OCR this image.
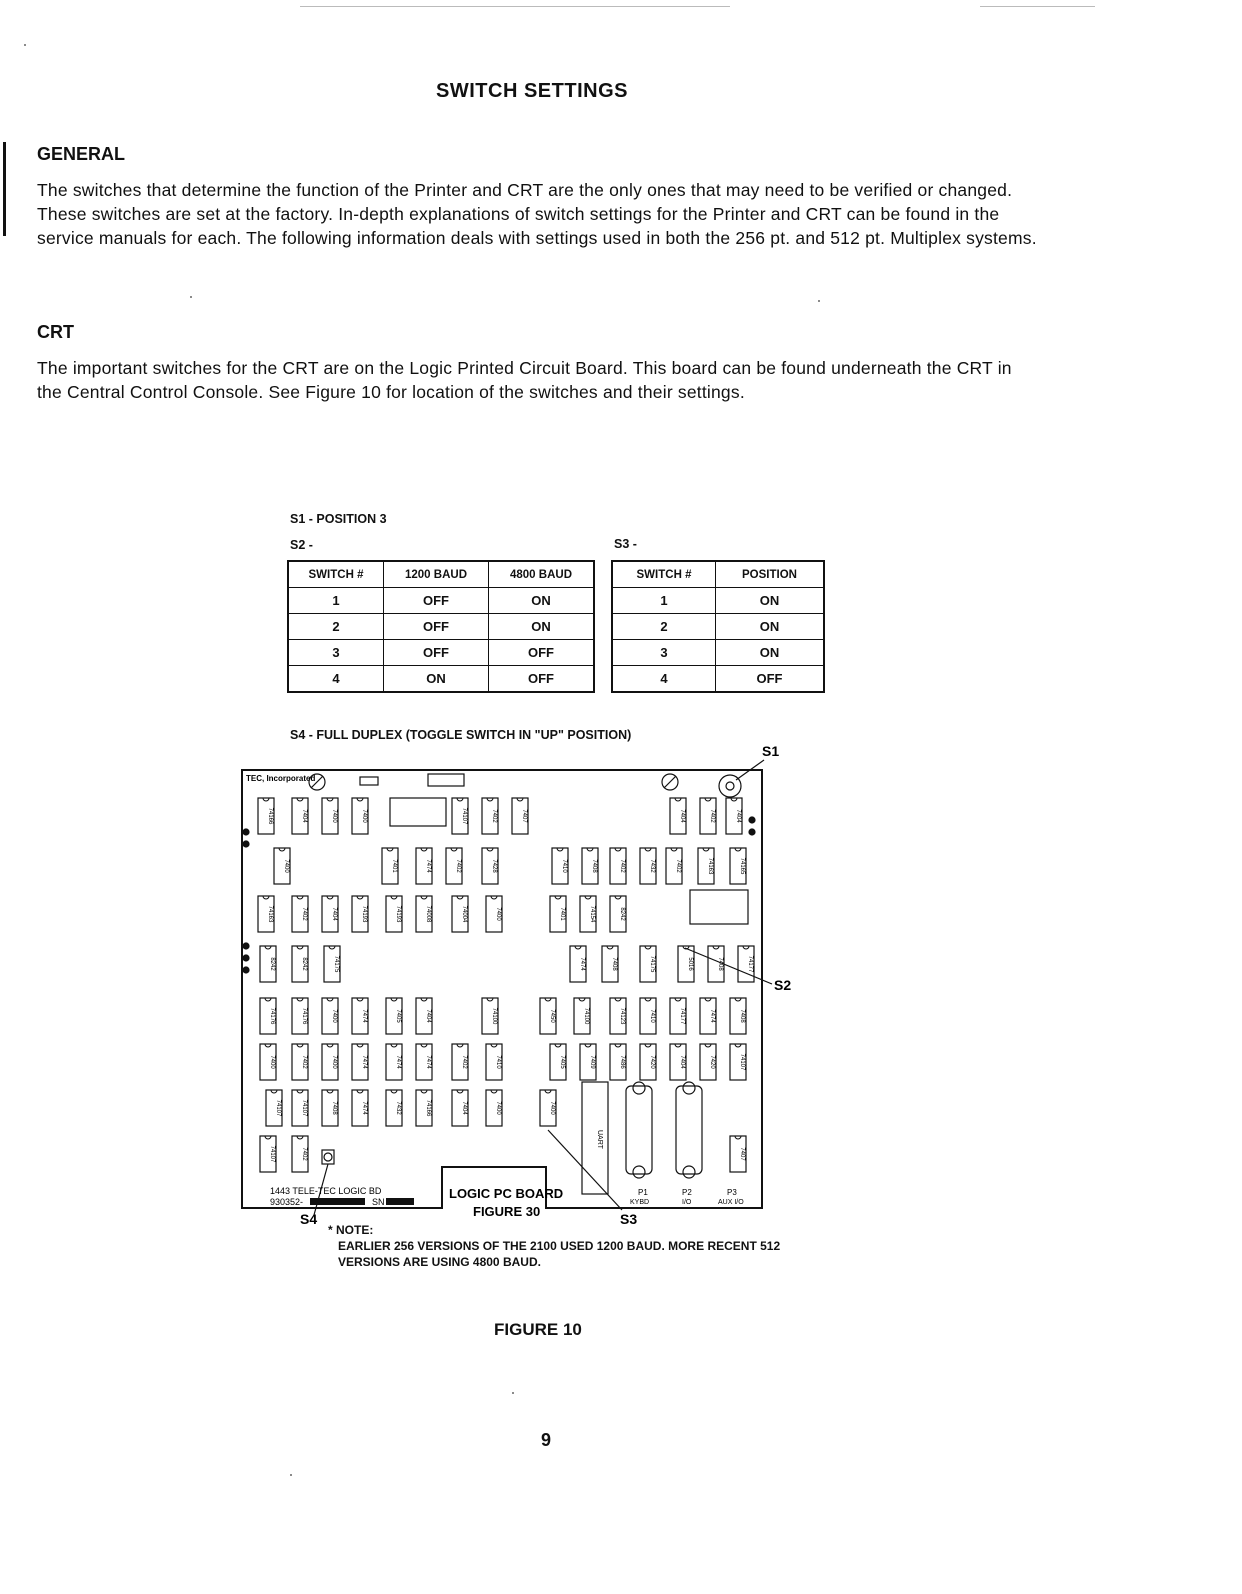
SWITCH SETTINGS
GENERAL
The switches that determine the function of the Printer and CRT are the only ones that may need to be verified or changed. These switches are set at the factory. In-depth explanations of switch settings for the Printer and CRT can be found in the service manuals for each. The following information deals with settings used in both the 256 pt. and 512 pt. Multiplex systems.
CRT
The important switches for the CRT are on the Logic Printed Circuit Board. This board can be found underneath the CRT in the Central Control Console. See Figure 10 for location of the switches and their settings.
S1 - POSITION 3
S2 -	S3 -
SWITCH #	1200 BAUD	4800 BAUD
1	OFF	ON
2	OFF	ON
3	OFF	OFF
4	ON	OFF
SWITCH #	POSITION
1	ON
2	ON
3	ON
4	OFF
S4 - FULL DUPLEX (TOGGLE SWITCH IN "UP" POSITION)
74166	7404	7400	7400	74107	7402	7407	7404	7402	7404
7400	7401	7474	7402	7428	7410	7408	7402	7432	7402	74163	74165
74163	7402	7404	74193	74193	74008	74004	7400	7401	74154	8242
8242	8242	74175	74175
7474	7408	5016	7408	74177
74176	74176	7400	7474	7405	7404	74100	7450	74100	74123	7410	74177	7474	7408
7400	7402	7400	7474	7474	7474	7402	7410	7405	7409	7486	7420	7404	7420	74107
74107	74107	7408	7474	7432	74166	7404	7400	7400
74107	7402	7407
TEC, Incorporated
S1
S2
S3
S4
LOGIC PC BOARD
FIGURE 30
1443 TELE-TEC LOGIC BD
930352-	SN
UART
P1
KYBD
P2
I/O
P3
AUX I/O
* NOTE:
EARLIER 256 VERSIONS OF THE 2100 USED 1200 BAUD. MORE RECENT 512
VERSIONS ARE USING 4800 BAUD.
FIGURE 10
9
